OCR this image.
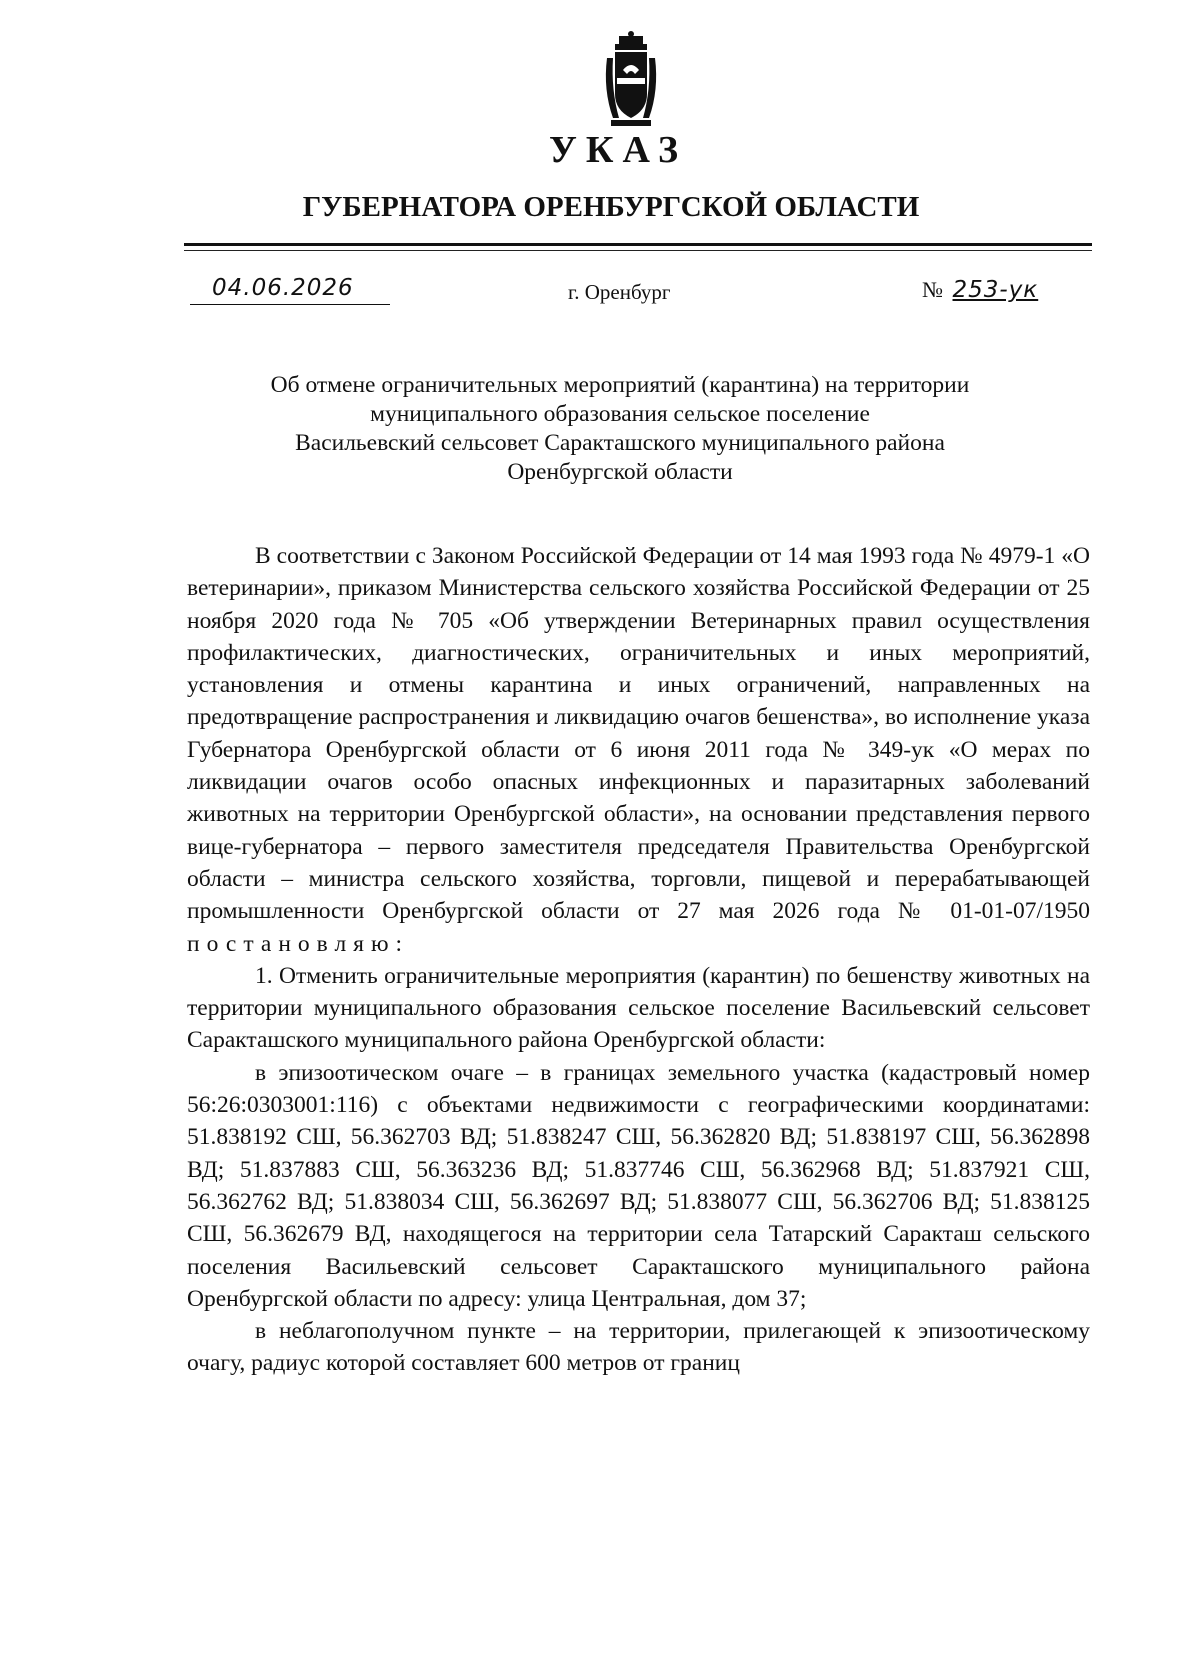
УКАЗ
ГУБЕРНАТОРА ОРЕНБУРГСКОЙ ОБЛАСТИ
04.06.2026	г. Оренбург	№ 253-ук
Об отмене ограничительных мероприятий (карантина) на территории
муниципального образования сельское поселение
Васильевский сельсовет Саракташского муниципального района
Оренбургской области

В соответствии с Законом Российской Федерации от 14 мая 1993 года № 4979-1 «О ветеринарии», приказом Министерства сельского хозяйства Российской Федерации от 25 ноября 2020 года № 705 «Об утверждении Ветеринарных правил осуществления профилактических, диагностических, ограничительных и иных мероприятий, установления и отмены карантина и иных ограничений, направленных на предотвращение распространения и ликвидацию очагов бешенства», во исполнение указа Губернатора Оренбургской области от 6 июня 2011 года № 349-ук «О мерах по ликвидации очагов особо опасных инфекционных и паразитарных заболеваний животных на территории Оренбургской области», на основании представления первого вице-губернатора – первого заместителя председателя Правительства Оренбургской области – министра сельского хозяйства, торговли, пищевой и перерабатывающей промышленности Оренбургской области от 27 мая 2026 года № 01-01-07/1950 постановляю:

1. Отменить ограничительные мероприятия (карантин) по бешенству животных на территории муниципального образования сельское поселение Васильевский сельсовет Саракташского муниципального района Оренбургской области:

в эпизоотическом очаге – в границах земельного участка (кадастровый номер 56:26:0303001:116) с объектами недвижимости с географическими координатами: 51.838192 СШ, 56.362703 ВД; 51.838247 СШ, 56.362820 ВД; 51.838197 СШ, 56.362898 ВД; 51.837883 СШ, 56.363236 ВД; 51.837746 СШ, 56.362968 ВД; 51.837921 СШ, 56.362762 ВД; 51.838034 СШ, 56.362697 ВД; 51.838077 СШ, 56.362706 ВД; 51.838125 СШ, 56.362679 ВД, находящегося на территории села Татарский Саракташ сельского поселения Васильевский сельсовет Саракташского муниципального района Оренбургской области по адресу: улица Центральная, дом 37;

в неблагополучном пункте – на территории, прилегающей к эпизоотическому очагу, радиус которой составляет 600 метров от границ
